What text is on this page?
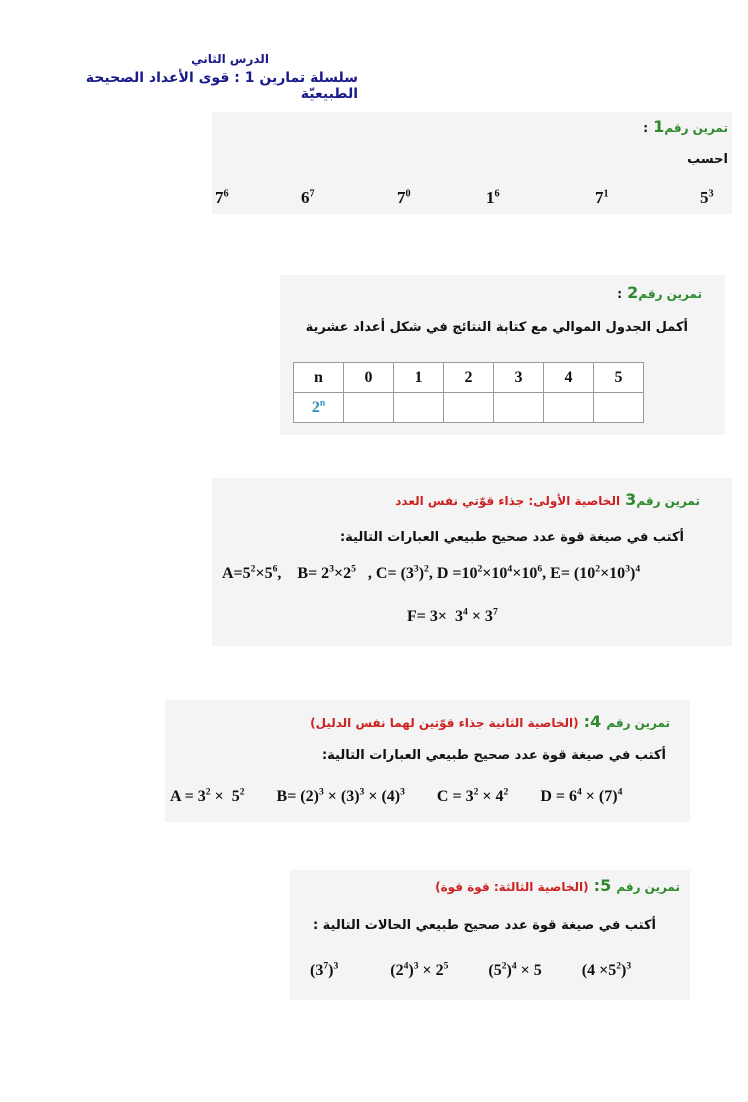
الدرس الثاني
سلسلة تمارين 1 : قوى الأعداد الصحيحة الطبيعيّة
تمرين رقم1 :
احسب
$5^3$
$7^1$
$1^6$
$7^0$
$6^7$
$7^6$
تمرين رقم2 :
أكمل الجدول الموالي مع كتابة النتائج في شكل أعداد عشرية
n	0	1	2	3	4	5
2$^n$						
تمرين رقم3 الخاصية الأولى: جذاء قوّتي نفس العدد
أكتب في صيغة قوة عدد صحيح طبيعي العبارات التالية:
$A=5^2\times 5^6$,    $B= 2^3\times 2^5$   , $C= (3^3)^2$, $D =10^2\times 10^4\times 10^6$, $E= (10^2\times 10^3)^4$
$F= 3\times 3^4 \times 3^7$
تمرين رقم 4: (الخاصية الثانية جذاء قوّتين لهما نفس الدليل)
أكتب في صيغة قوة عدد صحيح طبيعي العبارات التالية:
$A = 3^2 \times 5^2$        $B= (2)^3 \times (3)^3 \times (4)^3$        $C = 3^2 \times 4^2$        $D = 6^4 \times (7)^4$
تمرين رقم 5: (الخاصية الثالثة: قوة قوة)
أكتب في صيغة قوة عدد صحيح طبيعي الحالات التالية :
$(3^7)^3$             $(2^4)^3 \times 2^5$          $(5^2)^4 \times 5$          $(4 \times 5^2)^3$
